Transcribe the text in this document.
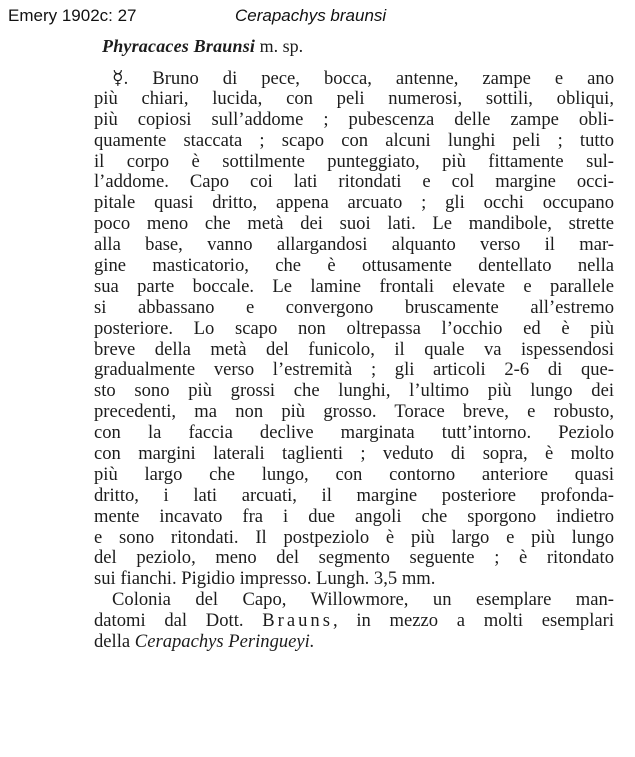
Emery 1902c: 27	Cerapachys braunsi
Phyracaces Braunsi m. sp.
☿. Bruno di pece, bocca, antenne, zampe e ano
più chiari, lucida, con peli numerosi, sottili, obliqui,
più copiosi sull’addome ; pubescenza delle zampe obli-
quamente staccata ; scapo con alcuni lunghi peli ; tutto
il corpo è sottilmente punteggiato, più fittamente sul-
l’addome. Capo coi lati ritondati e col margine occi-
pitale quasi dritto, appena arcuato ; gli occhi occupano
poco meno che metà dei suoi lati. Le mandibole, strette
alla base, vanno allargandosi alquanto verso il mar-
gine masticatorio, che è ottusamente dentellato nella
sua parte boccale. Le lamine frontali elevate e parallele
si abbassano e convergono bruscamente all’estremo
posteriore. Lo scapo non oltrepassa l’occhio ed è più
breve della metà del funicolo, il quale va ispessendosi
gradualmente verso l’estremità ; gli articoli 2-6 di que-
sto sono più grossi che lunghi, l’ultimo più lungo dei
precedenti, ma non più grosso. Torace breve, e robusto,
con la faccia declive marginata tutt’intorno. Peziolo
con margini laterali taglienti ; veduto di sopra, è molto
più largo che lungo, con contorno anteriore quasi
dritto, i lati arcuati, il margine posteriore profonda-
mente incavato fra i due angoli che sporgono indietro
e sono ritondati. Il postpeziolo è più largo e più lungo
del peziolo, meno del segmento seguente ; è ritondato
sui fianchi. Pigidio impresso. Lungh. 3,5 mm.
Colonia del Capo, Willowmore, un esemplare man-
datomi dal Dott. Brauns, in mezzo a molti esemplari
della Cerapachys Peringueyi.
